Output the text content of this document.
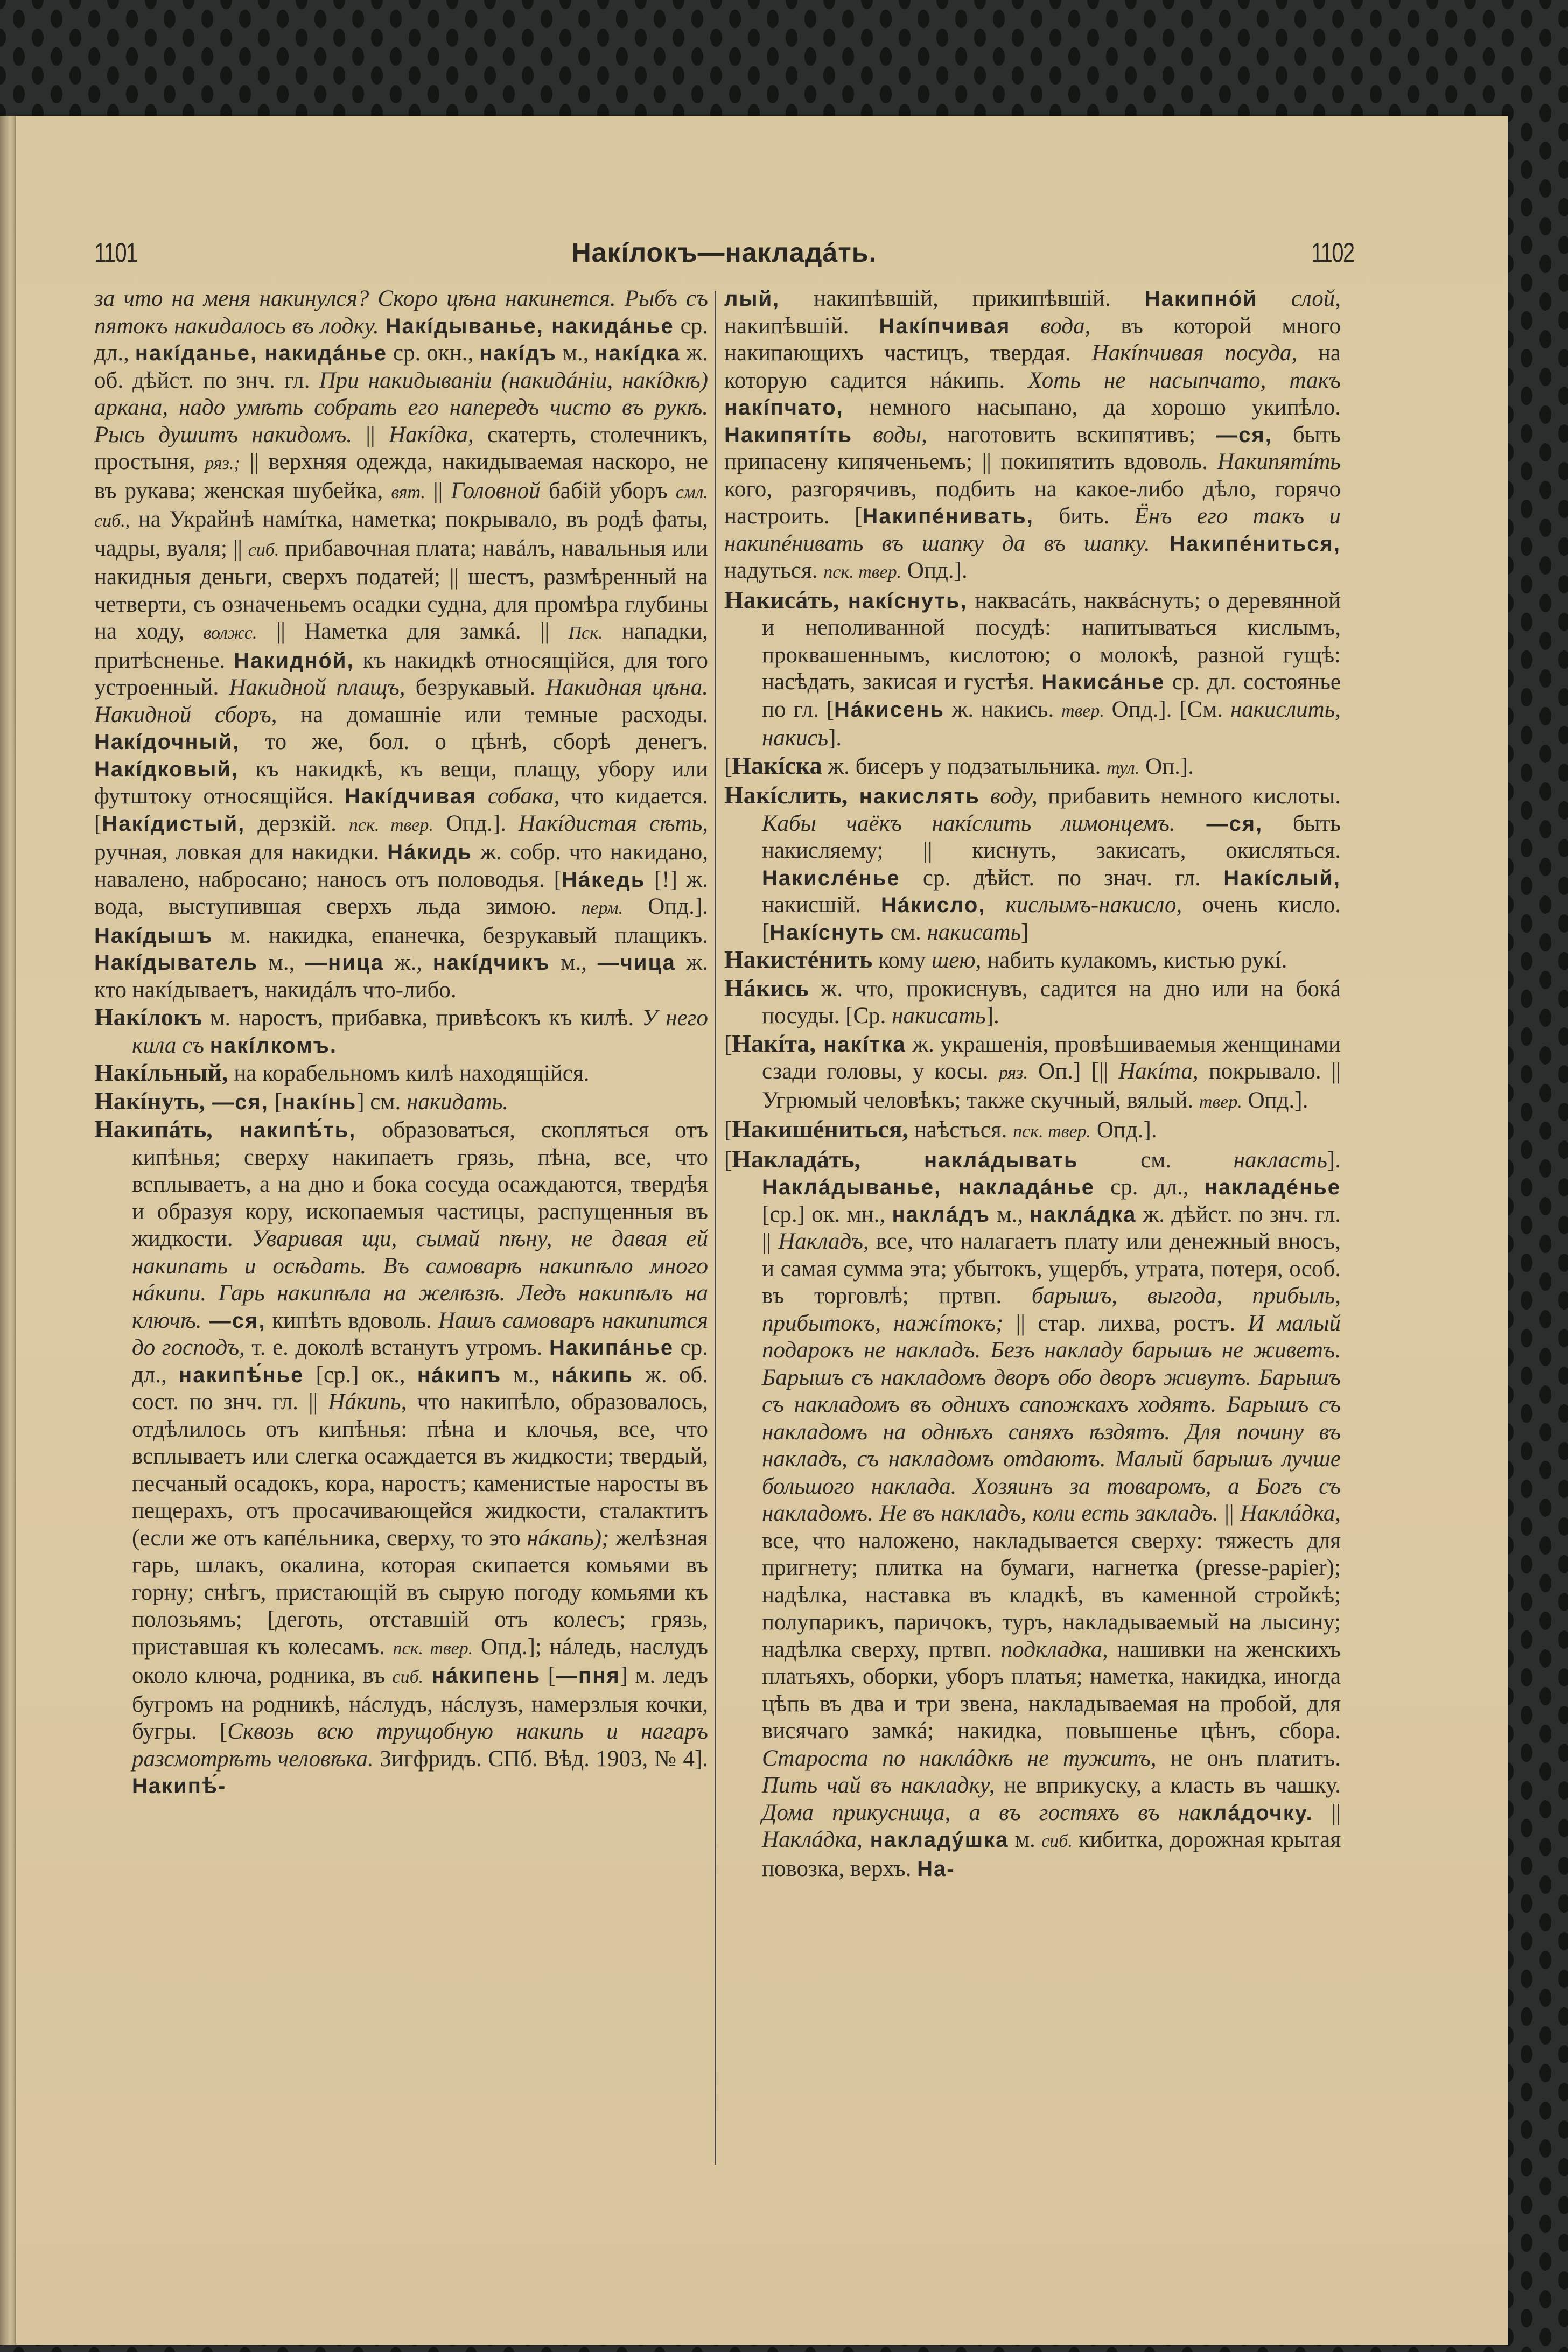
1101	Накíлокъ—накладáть.	1102

за что на меня накинулся? Скоро цѣна накинется. Рыбъ съ пятокъ накидалось въ лодку. Накíдыванье, накидáнье ср. дл., накíданье, накидáнье ср. окн., накíдъ м., накíдка ж. об. дѣйст. по знч. гл. При накидываніи (накидáніи, накíдкѣ) аркана, надо умѣть собрать его напередъ чисто въ рукѣ. Рысь душитъ накидомъ. || Накíдка, скатерть, столечникъ, простыня, ряз.; || верхняя одежда, накидываемая наскоро, не въ рукава; женская шубейка, вят. || Головной бабій уборъ смл. сиб., на Украйнѣ намíтка, наметка; покрывало, въ родѣ фаты, чадры, вуаля; || сиб. прибавочная плата; навáлъ, навальныя или накидныя деньги, сверхъ податей; || шестъ, размѣренный на четверти, съ означеньемъ осадки судна, для промѣра глубины на ходу, волжс. || Наметка для замкá. || Пск. нападки, притѣсненье. Накиднóй, къ накидкѣ относящійся, для того устроенный. Накидной плащъ, безрукавый. Накидная цѣна. Накидной сборъ, на домашніе или темные расходы. Накíдочный, то же, бол. о цѣнѣ, сборѣ денегъ. Накíдковый, къ накидкѣ, къ вещи, плащу, убору или футштоку относящійся. Накíдчивая собака, что кидается. [Накíдистый, дерзкій. пск. твер. Опд.]. Накíдистая сѣть, ручная, ловкая для накидки. Нáкидь ж. собр. что накидано, навалено, набросано; наносъ отъ половодья. [Нáкедь [!] ж. вода, выступившая сверхъ льда зимою. перм. Опд.]. Накíдышъ м. накидка, епанечка, безрукавый плащикъ. Накíдыватель м., —ница ж., накíдчикъ м., —чица ж. кто накíдываетъ, накидáлъ что-либо.

Накíлокъ м. наростъ, прибавка, привѣсокъ къ килѣ. У него кила съ накíлкомъ.

Накíльный, на корабельномъ килѣ находящійся.

Накíнуть, —ся, [накíнь] см. накидать.

Накипáть, накипѣ́ть, образоваться, скопляться отъ кипѣнья; сверху накипаетъ грязь, пѣна, все, что всплываетъ, а на дно и бока сосуда осаждаются, твердѣя и образуя кору, ископаемыя частицы, распущенныя въ жидкости. Уваривая щи, сымай пѣну, не давая ей накипать и осѣдать. Въ самоварѣ накипѣло много нáкипи. Гарь накипѣла на желѣзѣ. Ледъ накипѣлъ на ключѣ. —ся, кипѣть вдоволь. Нашъ самоваръ накипится до господъ, т. е. доколѣ встанутъ утромъ. Накипáнье ср. дл., накипѣ́нье [ср.] ок., нáкипъ м., нáкипь ж. об. сост. по знч. гл. || Нáкипь, что накипѣло, образовалось, отдѣлилось отъ кипѣнья: пѣна и клочья, все, что всплываетъ или слегка осаждается въ жидкости; твердый, песчаный осадокъ, кора, наростъ; каменистые наросты въ пещерахъ, отъ просачивающейся жидкости, сталактитъ (если же отъ капéльника, сверху, то это нáкапь); желѣзная гарь, шлакъ, окалина, которая скипается комьями въ горну; снѣгъ, пристающій въ сырую погоду комьями къ полозьямъ; [деготь, отставшій отъ колесъ; грязь, приставшая къ колесамъ. пск. твер. Опд.]; нáледь, наслудъ около ключа, родника, въ сиб. нáкипень [—пня] м. ледъ бугромъ на родникѣ, нáслудъ, нáслузъ, намерзлыя кочки, бугры. [Сквозь всю трущобную накипь и нагаръ разсмотрѣть человѣка. Зигфридъ. СПб. Вѣд. 1903, № 4]. Накипѣ́-

лый, накипѣвшій, прикипѣвшій. Накипнóй слой, накипѣвшій. Накíпчивая вода, въ которой много накипающихъ частицъ, твердая. Накíпчивая посуда, на которую садится нáкипь. Хоть не насыпчато, такъ накíпчато, немного насыпано, да хорошо укипѣло. Накипятíть воды, наготовить вскипятивъ; —ся, быть припасену кипяченьемъ; || покипятить вдоволь. Накипятíть кого, разгорячивъ, подбить на какое-либо дѣло, горячо настроить. [Накипéнивать, бить. Ёнъ его такъ и накипéнивать въ шапку да въ шапку. Накипéниться, надуться. пск. твер. Опд.].

Накисáть, накíснуть, наквасáть, наквáснуть; о деревянной и неполиванной посудѣ: напитываться кислымъ, проквашеннымъ, кислотою; о молокѣ, разной гущѣ: насѣдать, закисая и густѣя. Накисáнье ср. дл. состоянье по гл. [Нáкисень ж. накись. твер. Опд.]. [См. накислить, накись].

[Накíска ж. бисеръ у подзатыльника. тул. Оп.].

Накíслить, накислять воду, прибавить немного кислоты. Кабы чаёкъ накíслить лимонцемъ. —ся, быть накисляему; || киснуть, закисать, окисляться. Накислéнье ср. дѣйст. по знач. гл. Накíслый, накисшій. Нáкисло, кислымъ-накисло, очень кисло. [Накíснуть см. накисать]

Накистéнить кому шею, набить кулакомъ, кистью рукí.

Нáкись ж. что, прокиснувъ, садится на дно или на бокá посуды. [Ср. накисать].

[Накíта, накíтка ж. украшенія, провѣшиваемыя женщинами сзади головы, у косы. ряз. Оп.] [|| Накíта, покрывало. || Угрюмый человѣкъ; также скучный, вялый. твер. Опд.].

[Накишéниться, наѣсться. пск. твер. Опд.].

[Накладáть, наклáдывать см. накласть]. Наклáдыванье, накладáнье ср. дл., накладéнье [ср.] ок. мн., наклáдъ м., наклáдка ж. дѣйст. по знч. гл. || Накладъ, все, что налагаетъ плату или денежный вносъ, и самая сумма эта; убытокъ, ущербъ, утрата, потеря, особ. въ торговлѣ; пртвп. барышъ, выгода, прибыль, прибытокъ, нажíтокъ; || стар. лихва, ростъ. И малый подарокъ не накладъ. Безъ накладу барышъ не живетъ. Барышъ съ накладомъ дворъ обо дворъ живутъ. Барышъ съ накладомъ въ однихъ сапожкахъ ходятъ. Барышъ съ накладомъ на однѣхъ саняхъ ѣздятъ. Для почину въ накладъ, съ накладомъ отдаютъ. Малый барышъ лучше большого наклада. Хозяинъ за товаромъ, а Богъ съ накладомъ. Не въ накладъ, коли есть закладъ. || Наклáдка, все, что наложено, накладывается сверху: тяжесть для пригнету; плитка на бумаги, нагнетка (presse-papier); надѣлка, наставка въ кладкѣ, въ каменной стройкѣ; полупарикъ, паричокъ, туръ, накладываемый на лысину; надѣлка сверху, пртвп. подкладка, нашивки на женскихъ платьяхъ, оборки, уборъ платья; наметка, накидка, иногда цѣпь въ два и три звена, накладываемая на пробой, для висячаго замкá; накидка, повышенье цѣнъ, сбора. Староста по наклáдкѣ не тужитъ, не онъ платитъ. Пить чай въ накладку, не вприкуску, а класть въ чашку. Дома прикусница, а въ гостяхъ въ наклáдочку. || Наклáдка, накладýшка м. сиб. кибитка, дорожная крытая повозка, верхъ. На-
